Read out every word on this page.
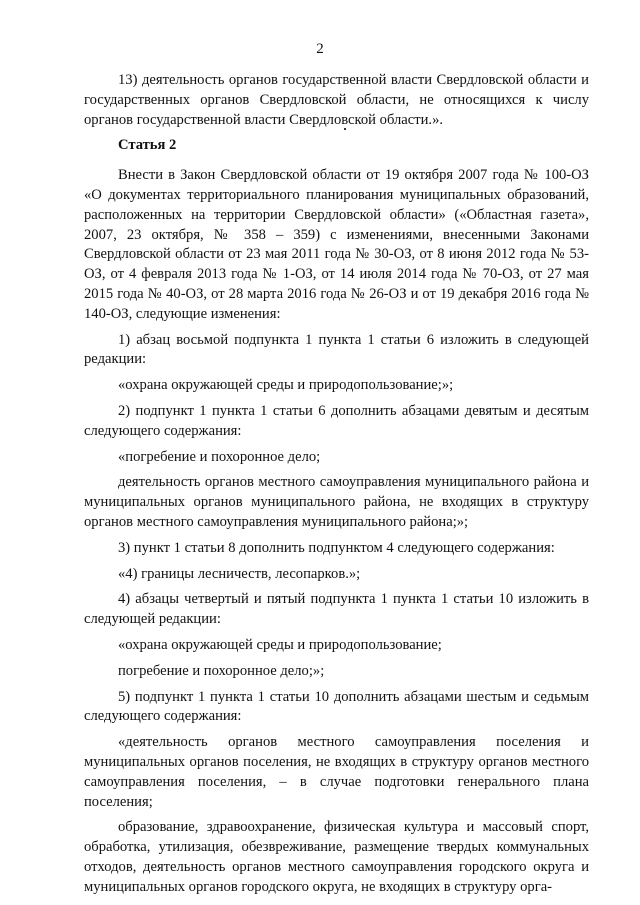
2

13) деятельность органов государственной власти Свердловской области и государственных органов Свердловской области, не относящихся к числу органов государственной власти Свердловской области.».

Статья 2

Внести в Закон Свердловской области от 19 октября 2007 года № 100-ОЗ «О документах территориального планирования муниципальных образований, расположенных на территории Свердловской области» («Областная газета», 2007, 23 октября, № 358 – 359) с изменениями, внесенными Законами Свердловской области от 23 мая 2011 года № 30-ОЗ, от 8 июня 2012 года № 53-ОЗ, от 4 февраля 2013 года № 1-ОЗ, от 14 июля 2014 года № 70-ОЗ, от 27 мая 2015 года № 40-ОЗ, от 28 марта 2016 года № 26-ОЗ и от 19 декабря 2016 года № 140-ОЗ, следующие изменения:

1) абзац восьмой подпункта 1 пункта 1 статьи 6 изложить в следующей редакции:

«охрана окружающей среды и природопользование;»;

2) подпункт 1 пункта 1 статьи 6 дополнить абзацами девятым и десятым следующего содержания:

«погребение и похоронное дело;

деятельность органов местного самоуправления муниципального района и муниципальных органов муниципального района, не входящих в структуру органов местного самоуправления муниципального района;»;

3) пункт 1 статьи 8 дополнить подпунктом 4 следующего содержания:

«4) границы лесничеств, лесопарков.»;

4) абзацы четвертый и пятый подпункта 1 пункта 1 статьи 10 изложить в следующей редакции:

«охрана окружающей среды и природопользование;

погребение и похоронное дело;»;

5) подпункт 1 пункта 1 статьи 10 дополнить абзацами шестым и седьмым следующего содержания:

«деятельность органов местного самоуправления поселения и муниципальных органов поселения, не входящих в структуру органов местного самоуправления поселения, – в случае подготовки генерального плана поселения;

образование, здравоохранение, физическая культура и массовый спорт, обработка, утилизация, обезвреживание, размещение твердых коммунальных отходов, деятельность органов местного самоуправления городского округа и муниципальных органов городского округа, не входящих в структуру орга-
